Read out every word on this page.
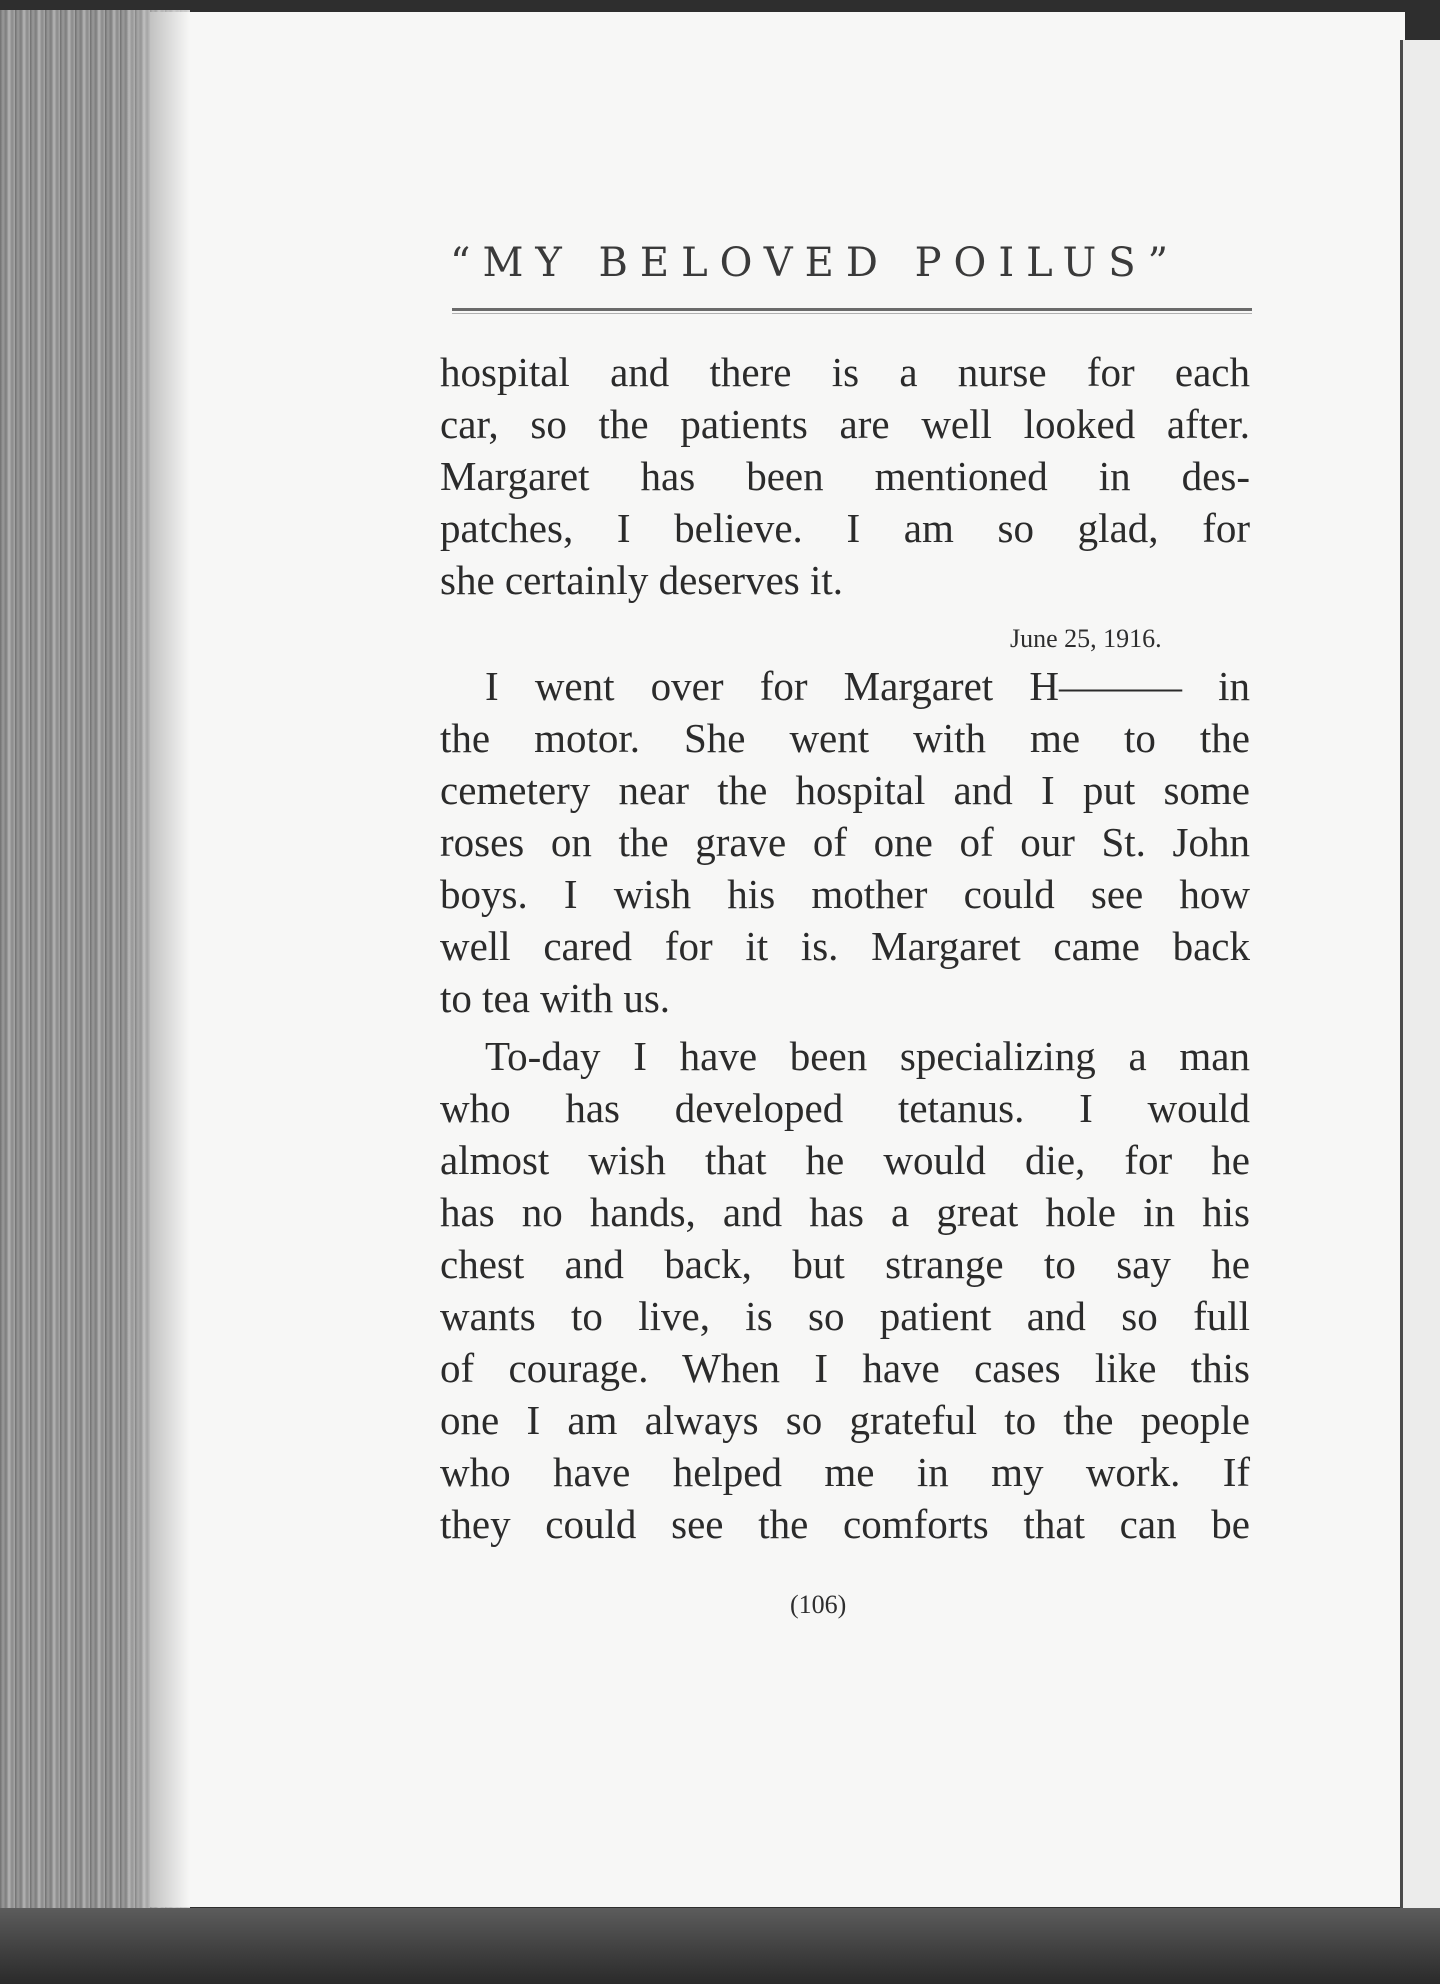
“MY BELOVED POILUS”
hospital and there is a nurse for each
car, so the patients are well looked after.
Margaret has been mentioned in des-
patches, I believe. I am so glad, for
she certainly deserves it.
June 25, 1916.
I went over for Margaret H——— in
the motor. She went with me to the
cemetery near the hospital and I put some
roses on the grave of one of our St. John
boys. I wish his mother could see how
well cared for it is. Margaret came back
to tea with us.
To-day I have been specializing a man
who has developed tetanus. I would
almost wish that he would die, for he
has no hands, and has a great hole in his
chest and back, but strange to say he
wants to live, is so patient and so full
of courage. When I have cases like this
one I am always so grateful to the people
who have helped me in my work. If
they could see the comforts that can be
(106)
